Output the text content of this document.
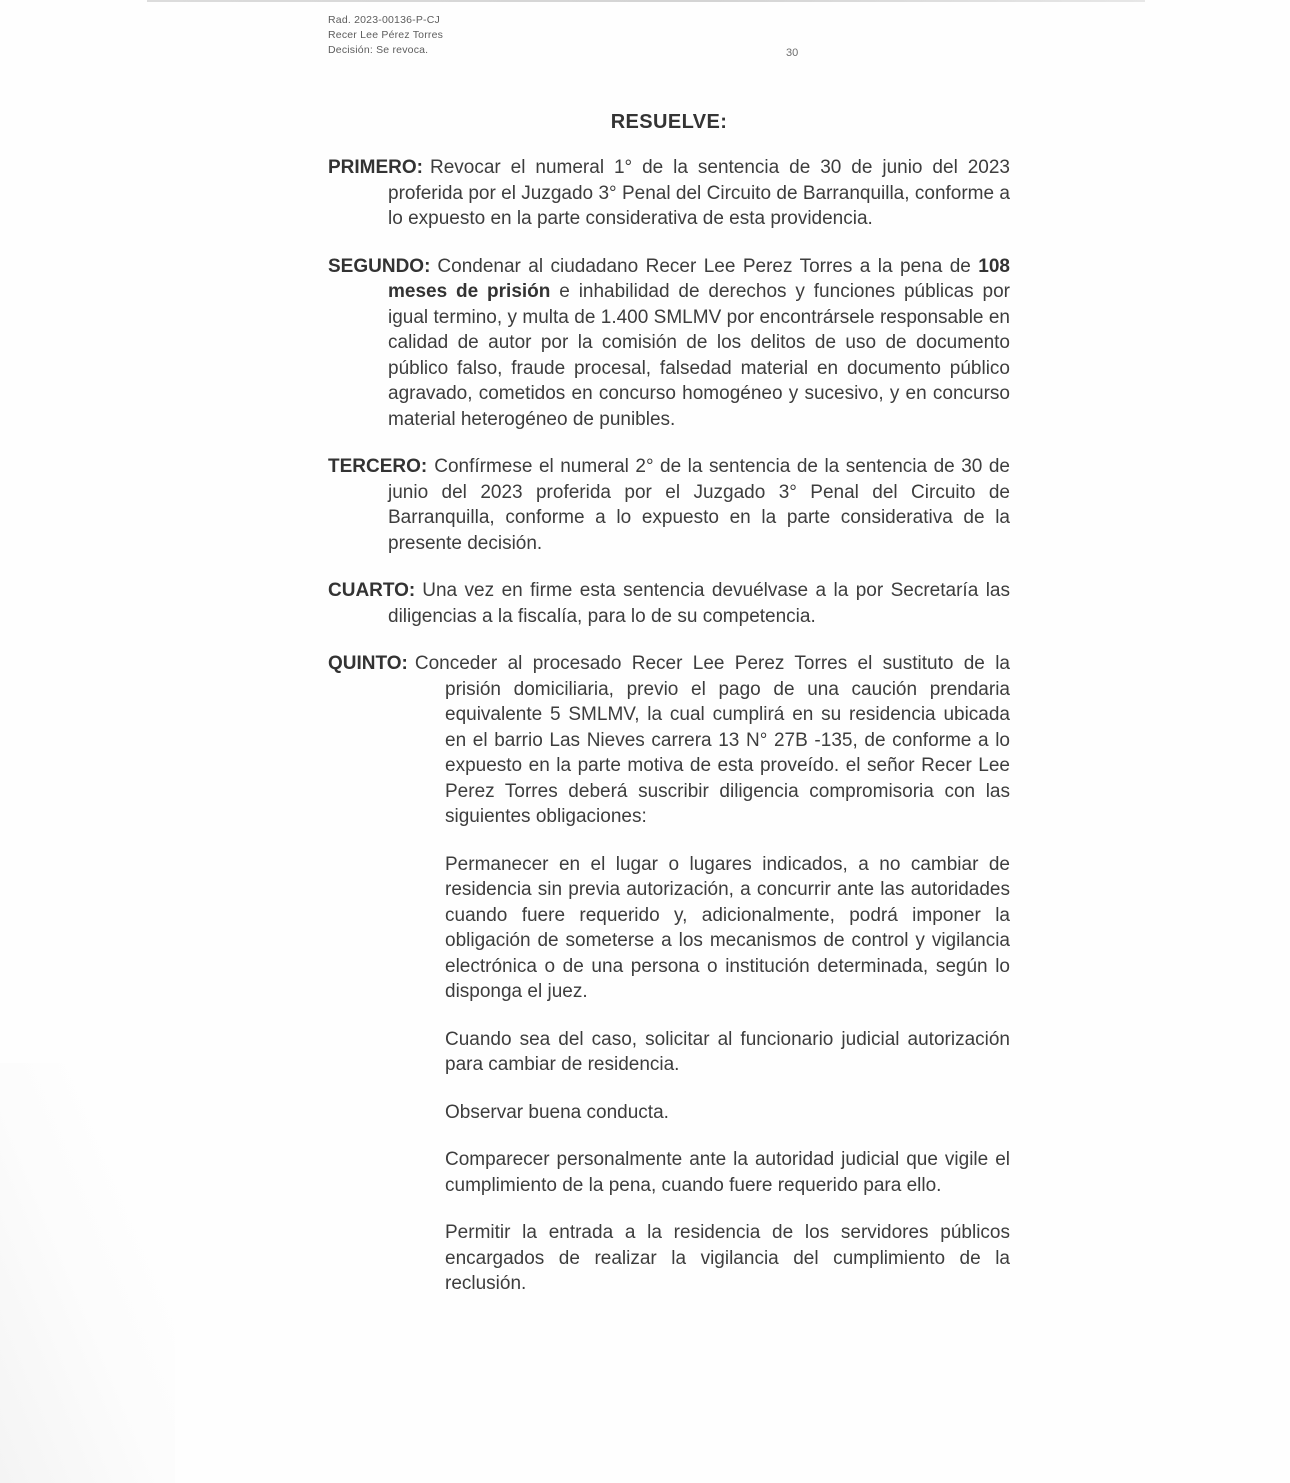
Rad. 2023-00136-P-CJ
Recer Lee Pérez Torres
Decisión: Se revoca.	30
RESUELVE:

PRIMERO: Revocar el numeral 1° de la sentencia de 30 de junio del 2023 proferida por el Juzgado 3° Penal del Circuito de Barranquilla, conforme a lo expuesto en la parte considerativa de esta providencia.

SEGUNDO: Condenar al ciudadano Recer Lee Perez Torres a la pena de 108 meses de prisión e inhabilidad de derechos y funciones públicas por igual termino, y multa de 1.400 SMLMV por encontrársele responsable en calidad de autor por la comisión de los delitos de uso de documento público falso, fraude procesal, falsedad material en documento público agravado, cometidos en concurso homogéneo y sucesivo, y en concurso material heterogéneo de punibles.

TERCERO: Confírmese el numeral 2° de la sentencia de la sentencia de 30 de junio del 2023 proferida por el Juzgado 3° Penal del Circuito de Barranquilla, conforme a lo expuesto en la parte considerativa de la presente decisión.

CUARTO: Una vez en firme esta sentencia devuélvase a la por Secretaría las diligencias a la fiscalía, para lo de su competencia.

QUINTO: Conceder al procesado Recer Lee Perez Torres el sustituto de la prisión domiciliaria, previo el pago de una caución prendaria equivalente 5 SMLMV, la cual cumplirá en su residencia ubicada en el barrio Las Nieves carrera 13 N° 27B -135, de conforme a lo expuesto en la parte motiva de esta proveído. el señor Recer Lee Perez Torres deberá suscribir diligencia compromisoria con las siguientes obligaciones:

Permanecer en el lugar o lugares indicados, a no cambiar de residencia sin previa autorización, a concurrir ante las autoridades cuando fuere requerido y, adicionalmente, podrá imponer la obligación de someterse a los mecanismos de control y vigilancia electrónica o de una persona o institución determinada, según lo disponga el juez.

Cuando sea del caso, solicitar al funcionario judicial autorización para cambiar de residencia.

Observar buena conducta.

Comparecer personalmente ante la autoridad judicial que vigile el cumplimiento de la pena, cuando fuere requerido para ello.

Permitir la entrada a la residencia de los servidores públicos encargados de realizar la vigilancia del cumplimiento de la reclusión.
